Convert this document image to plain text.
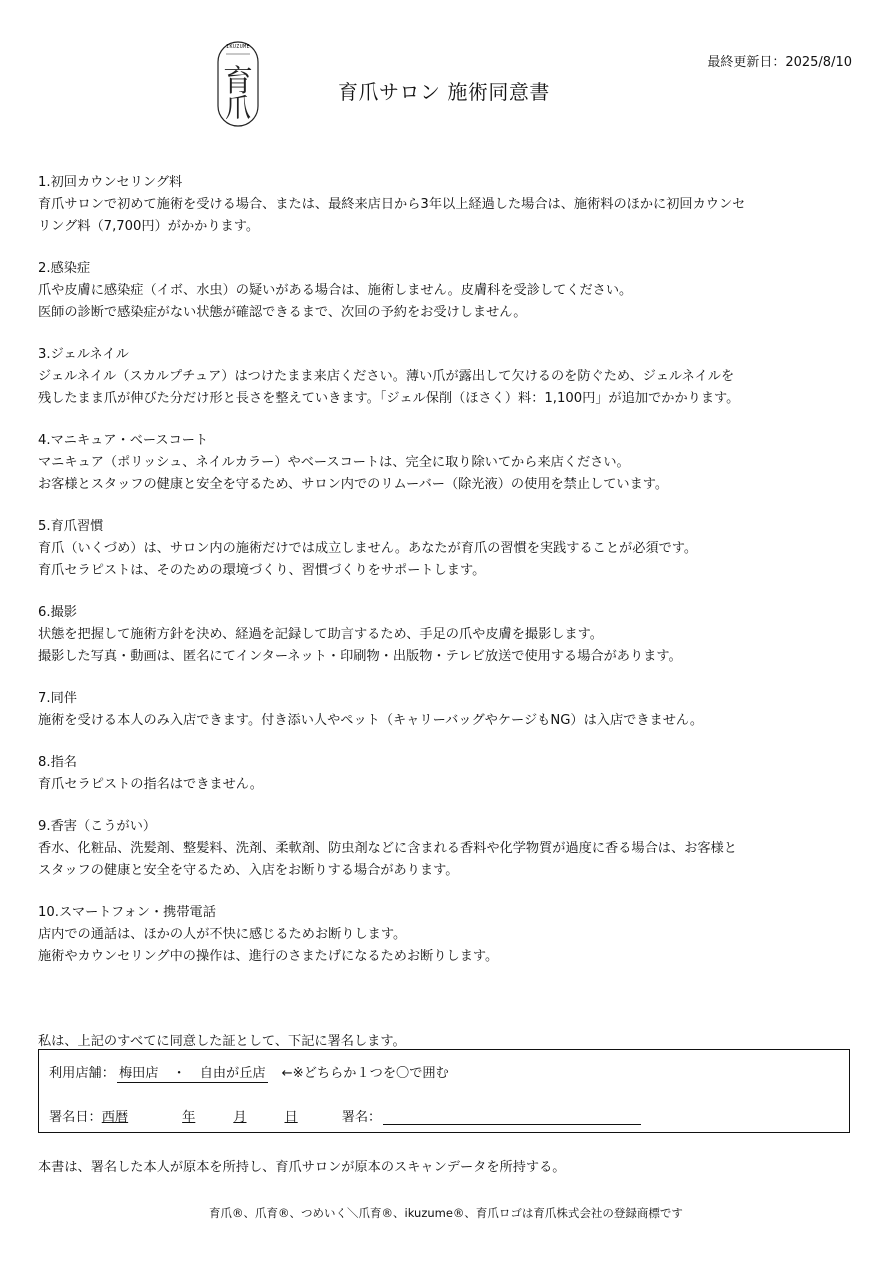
IKUZUME
育
爪
育爪サロン 施術同意書
最終更新日：2025/8/10
1.初回カウンセリング料
育爪サロンで初めて施術を受ける場合、または、最終来店日から3年以上経過した場合は、施術料のほかに初回カウンセ
リング料（7,700円）がかかります。
2.感染症
爪や皮膚に感染症（イボ、水虫）の疑いがある場合は、施術しません。皮膚科を受診してください。
医師の診断で感染症がない状態が確認できるまで、次回の予約をお受けしません。
3.ジェルネイル
ジェルネイル（スカルプチュア）はつけたまま来店ください。薄い爪が露出して欠けるのを防ぐため、ジェルネイルを
残したまま爪が伸びた分だけ形と長さを整えていきます。「ジェル保削（ほさく）料：1,100円」が追加でかかります。
4.マニキュア・ベースコート
マニキュア（ポリッシュ、ネイルカラー）やベースコートは、完全に取り除いてから来店ください。
お客様とスタッフの健康と安全を守るため、サロン内でのリムーバー（除光液）の使用を禁止しています。
5.育爪習慣
育爪（いくづめ）は、サロン内の施術だけでは成立しません。あなたが育爪の習慣を実践することが必須です。
育爪セラピストは、そのための環境づくり、習慣づくりをサポートします。
6.撮影
状態を把握して施術方針を決め、経過を記録して助言するため、手足の爪や皮膚を撮影します。
撮影した写真・動画は、匿名にてインターネット・印刷物・出版物・テレビ放送で使用する場合があります。
7.同伴
施術を受ける本人のみ入店できます。付き添い人やペット（キャリーバッグやケージもNG）は入店できません。
8.指名
育爪セラピストの指名はできません。
9.香害（こうがい）
香水、化粧品、洗髪剤、整髪料、洗剤、柔軟剤、防虫剤などに含まれる香料や化学物質が過度に香る場合は、お客様と
スタッフの健康と安全を守るため、入店をお断りする場合があります。
10.スマートフォン・携帯電話
店内での通話は、ほかの人が不快に感じるためお断りします。
施術やカウンセリング中の操作は、進行のさまたげになるためお断りします。
私は、上記のすべてに同意した証として、下記に署名します。
利用店舗： 梅田店 ・ 自由が丘店 ←※どちらか１つを〇で囲む
署名日：西暦	年	月	日	署名：
本書は、署名した本人が原本を所持し、育爪サロンが原本のスキャンデータを所持する。
育爪®、爪育®、つめいく＼爪育®、ikuzume®、育爪ロゴは育爪株式会社の登録商標です
